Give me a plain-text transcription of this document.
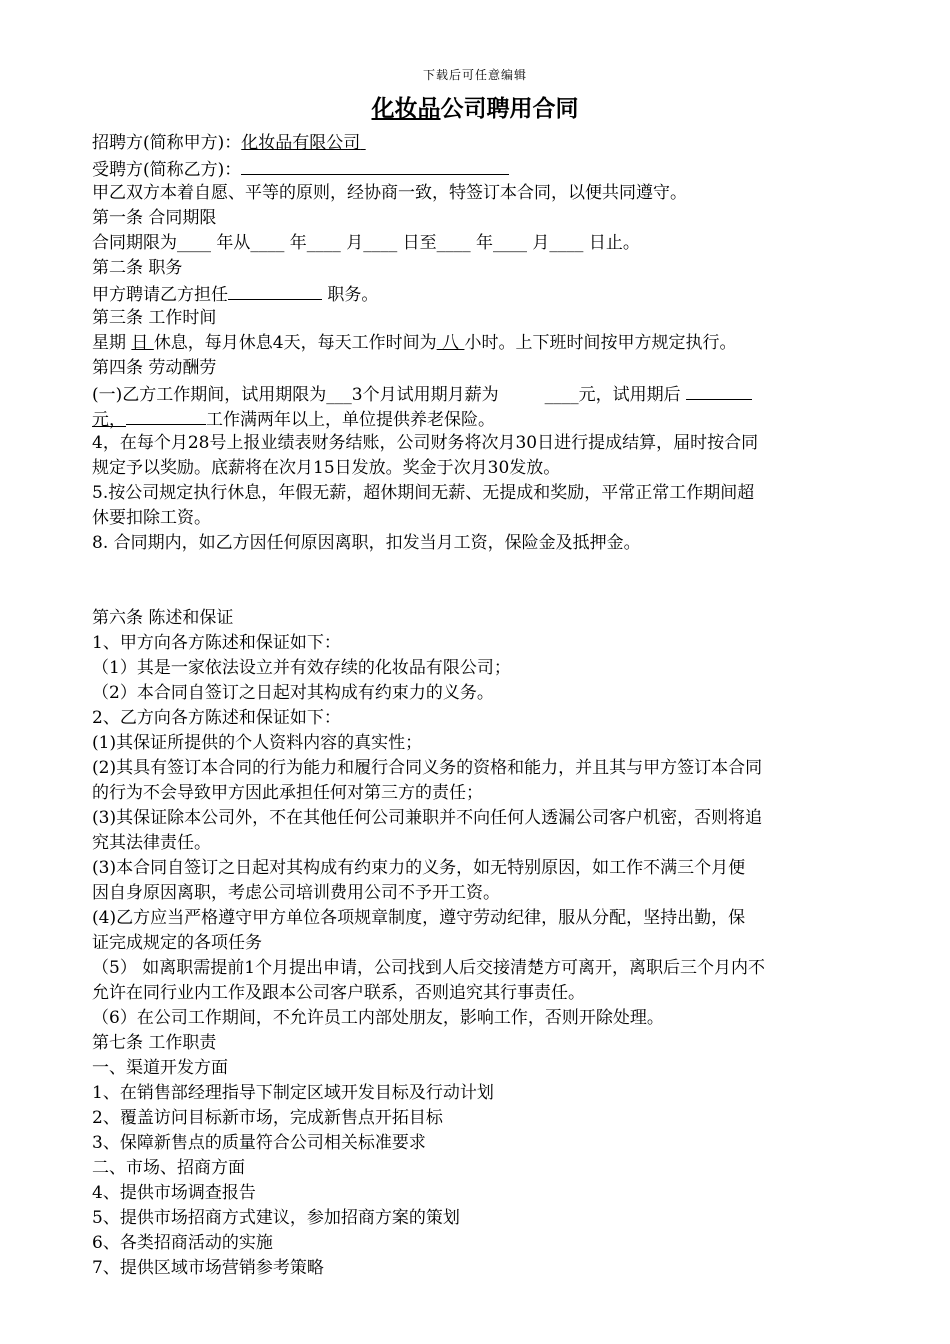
下载后可任意编辑
化妆品公司聘用合同
招聘方(简称甲方)：化妆品有限公司
受聘方(简称乙方)：
甲乙双方本着自愿、平等的原则，经协商一致，特签订本合同，以便共同遵守。
第一条 合同期限
合同期限为____ 年从____ 年____ 月____ 日至____ 年____ 月____ 日止。
第二条 职务
甲方聘请乙方担任	职务。
第三条 工作时间
星期 日 休息，每月休息4天，每天工作时间为 八 小时。上下班时间按甲方规定执行。
第四条 劳动酬劳
(一)乙方工作期间，试用期限为___3个月试用期月薪为	____元，试用期后
元，	工作满两年以上，单位提供养老保险。
4，在每个月28号上报业绩表财务结账，公司财务将次月30日进行提成结算，届时按合同
规定予以奖励。底薪将在次月15日发放。奖金于次月30发放。
5.按公司规定执行休息，年假无薪，超休期间无薪、无提成和奖励，平常正常工作期间超
休要扣除工资。
8. 合同期内，如乙方因任何原因离职，扣发当月工资，保险金及抵押金。
第六条 陈述和保证
1、甲方向各方陈述和保证如下：
（1）其是一家依法设立并有效存续的化妆品有限公司；
（2）本合同自签订之日起对其构成有约束力的义务。
2、乙方向各方陈述和保证如下：
(1)其保证所提供的个人资料内容的真实性；
(2)其具有签订本合同的行为能力和履行合同义务的资格和能力，并且其与甲方签订本合同
的行为不会导致甲方因此承担任何对第三方的责任；
(3)其保证除本公司外，不在其他任何公司兼职并不向任何人透漏公司客户机密，否则将追
究其法律责任。
(3)本合同自签订之日起对其构成有约束力的义务，如无特别原因，如工作不满三个月便
因自身原因离职，考虑公司培训费用公司不予开工资。
(4)乙方应当严格遵守甲方单位各项规章制度，遵守劳动纪律，服从分配，坚持出勤，保
证完成规定的各项任务
（5） 如离职需提前1个月提出申请，公司找到人后交接清楚方可离开，离职后三个月内不
允许在同行业内工作及跟本公司客户联系，否则追究其行事责任。
（6）在公司工作期间，不允许员工内部处朋友，影响工作，否则开除处理。
第七条 工作职责
一、渠道开发方面
1、在销售部经理指导下制定区域开发目标及行动计划
2、覆盖访问目标新市场，完成新售点开拓目标
3、保障新售点的质量符合公司相关标准要求
二、市场、招商方面
4、提供市场调查报告
5、提供市场招商方式建议，参加招商方案的策划
6、各类招商活动的实施
7、提供区域市场营销参考策略
